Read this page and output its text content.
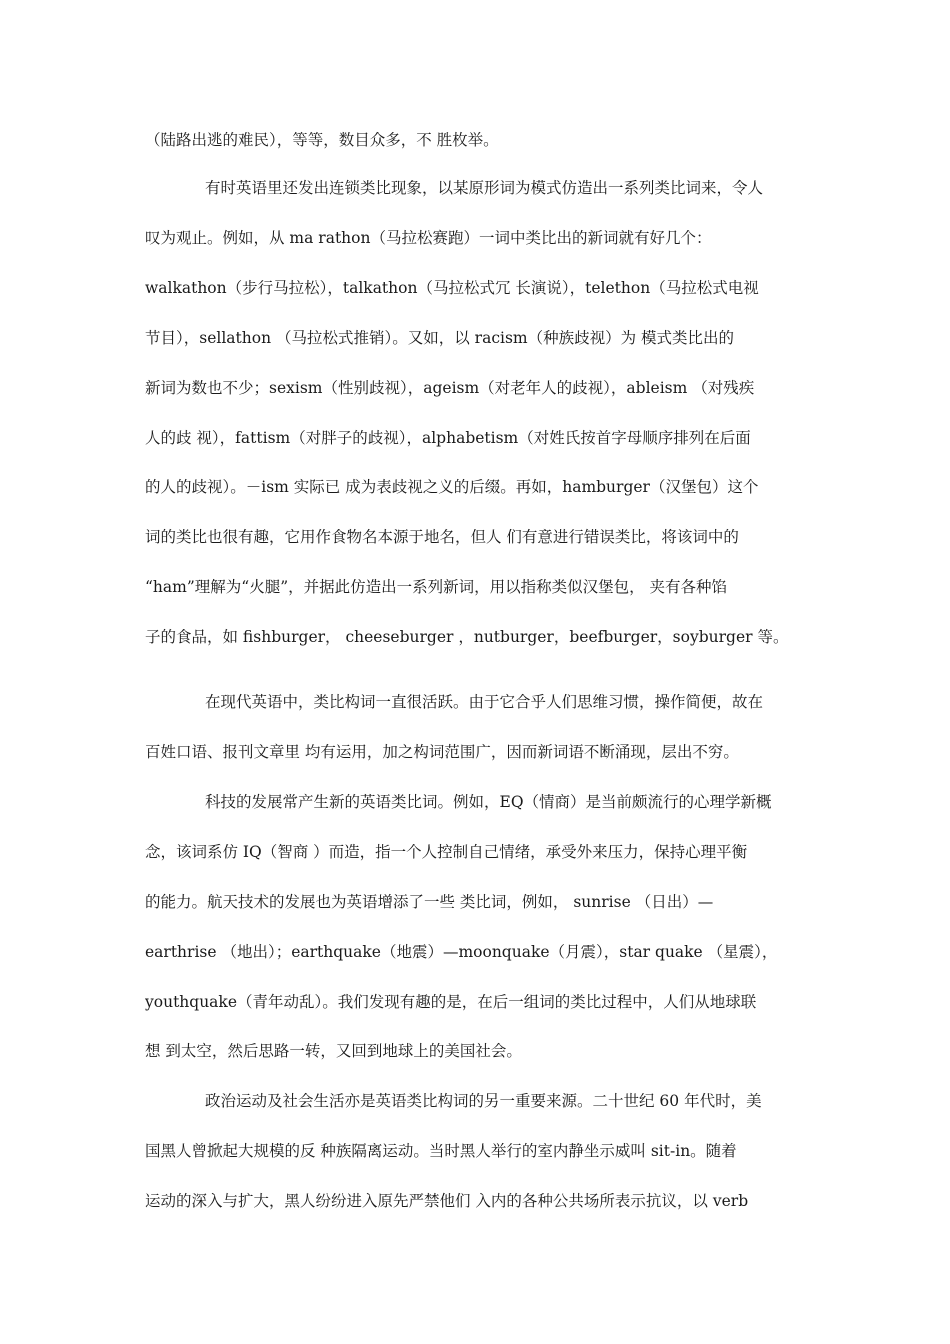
（陆路出逃的难民），等等，数目众多，不 胜枚举。
有时英语里还发出连锁类比现象，以某原形词为模式仿造出一系列类比词来，令人
叹为观止。例如，从 ma rathon（马拉松赛跑）一词中类比出的新词就有好几个：
walkathon（步行马拉松），talkathon（马拉松式冗 长演说），telethon（马拉松式电视
节目），sellathon （马拉松式推销）。又如，以 racism（种族歧视）为 模式类比出的
新词为数也不少；sexism（性别歧视），ageism（对老年人的歧视），ableism （对残疾
人的歧 视），fattism（对胖子的歧视），alphabetism（对姓氏按首字母顺序排列在后面
的人的歧视）。－ism 实际已 成为表歧视之义的后缀。再如，hamburger（汉堡包）这个
词的类比也很有趣，它用作食物名本源于地名，但人 们有意进行错误类比，将该词中的
“ham”理解为“火腿”，并据此仿造出一系列新词，用以指称类似汉堡包， 夹有各种馅
子的食品，如 fishburger， cheeseburger ，nutburger，beefburger，soyburger 等。
在现代英语中，类比构词一直很活跃。由于它合乎人们思维习惯，操作简便，故在
百姓口语、报刊文章里 均有运用，加之构词范围广，因而新词语不断涌现，层出不穷。
科技的发展常产生新的英语类比词。例如，EQ（情商）是当前颇流行的心理学新概
念，该词系仿 IQ（智商 ）而造，指一个人控制自己情绪，承受外来压力，保持心理平衡
的能力。航天技术的发展也为英语增添了一些 类比词，例如， sunrise （日出）—
earthrise （地出）；earthquake（地震）—moonquake（月震），star quake （星震），
youthquake（青年动乱）。我们发现有趣的是，在后一组词的类比过程中，人们从地球联
想 到太空，然后思路一转，又回到地球上的美国社会。
政治运动及社会生活亦是英语类比构词的另一重要来源。二十世纪 60 年代时，美
国黑人曾掀起大规模的反 种族隔离运动。当时黑人举行的室内静坐示威叫 sit-in。随着
运动的深入与扩大，黑人纷纷进入原先严禁他们 入内的各种公共场所表示抗议，以 verb
